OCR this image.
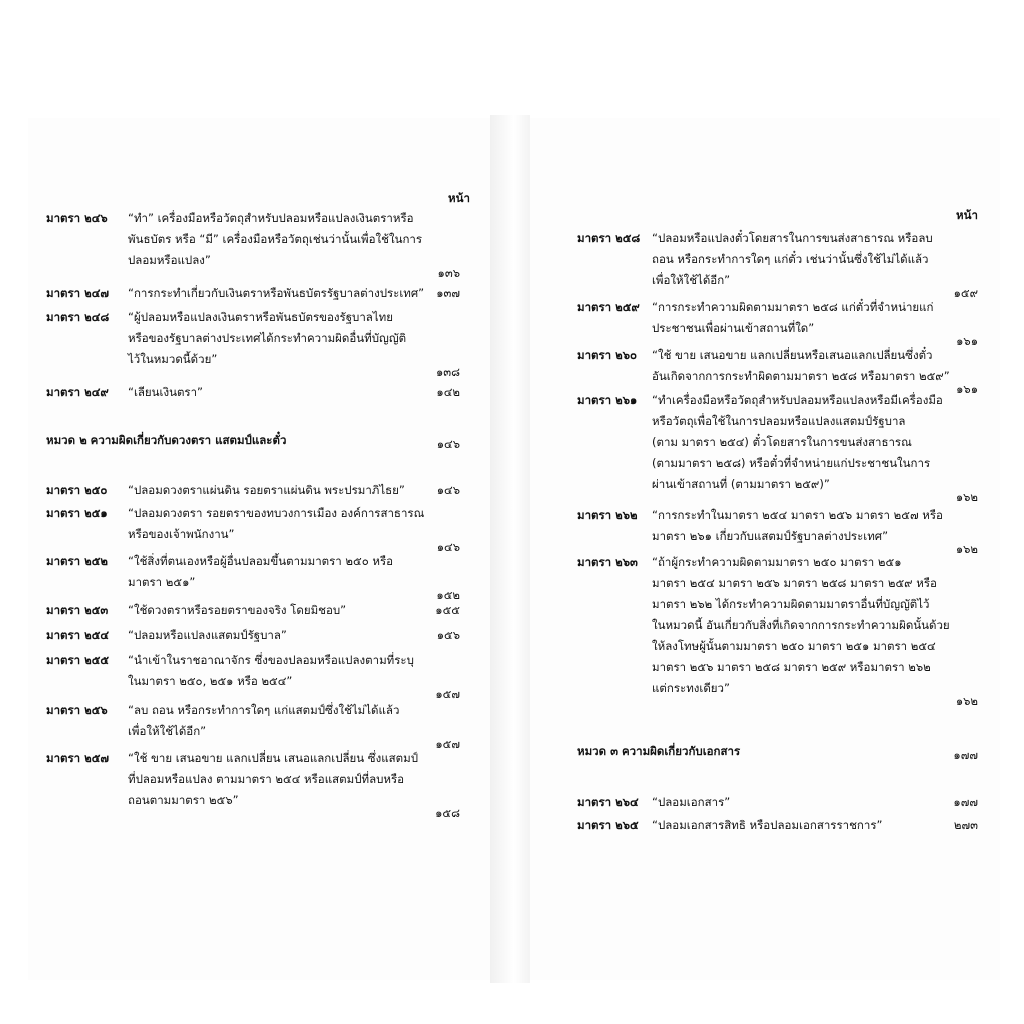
หน้า
มาตรา ๒๔๖ “ทำ” เครื่องมือหรือวัตถุสำหรับปลอมหรือแปลงเงินตราหรือ
พันธบัตร หรือ “มี” เครื่องมือหรือวัตถุเช่นว่านั้นเพื่อใช้ในการ
ปลอมหรือแปลง”
๑๓๖
มาตรา ๒๔๗ “การกระทำเกี่ยวกับเงินตราหรือพันธบัตรรัฐบาลต่างประเทศ” ๑๓๗
มาตรา ๒๔๘ “ผู้ปลอมหรือแปลงเงินตราหรือพันธบัตรของรัฐบาลไทย
หรือของรัฐบาลต่างประเทศได้กระทำความผิดอื่นที่บัญญัติ
ไว้ในหมวดนี้ด้วย”
๑๓๘
มาตรา ๒๔๙ “เลียนเงินตรา”	๑๔๒
หมวด ๒ ความผิดเกี่ยวกับดวงตรา แสตมป์และตั๋ว	๑๔๖
มาตรา ๒๕๐ “ปลอมดวงตราแผ่นดิน รอยตราแผ่นดิน พระปรมาภิไธย”	๑๔๖
มาตรา ๒๕๑ “ปลอมดวงตรา รอยตราของทบวงการเมือง องค์การสาธารณ
หรือของเจ้าพนักงาน”
๑๔๖
มาตรา ๒๕๒ “ใช้สิ่งที่ตนเองหรือผู้อื่นปลอมขึ้นตามมาตรา ๒๕๐ หรือ
มาตรา ๒๕๑”
๑๕๒
มาตรา ๒๕๓ “ใช้ดวงตราหรือรอยตราของจริง โดยมิชอบ”	๑๕๕
มาตรา ๒๕๔ “ปลอมหรือแปลงแสตมป์รัฐบาล”	๑๕๖
มาตรา ๒๕๕ “นำเข้าในราชอาณาจักร ซึ่งของปลอมหรือแปลงตามที่ระบุ
ในมาตรา ๒๕๐, ๒๕๑ หรือ ๒๕๔”
๑๕๗
มาตรา ๒๕๖ “ลบ ถอน หรือกระทำการใดๆ แก่แสตมป์ซึ่งใช้ไม่ได้แล้ว
เพื่อให้ใช้ได้อีก”
๑๕๗
มาตรา ๒๕๗ “ใช้ ขาย เสนอขาย แลกเปลี่ยน เสนอแลกเปลี่ยน ซึ่งแสตมป์
ที่ปลอมหรือแปลง ตามมาตรา ๒๕๔ หรือแสตมป์ที่ลบหรือ
ถอนตามมาตรา ๒๕๖”
๑๕๘
หน้า
มาตรา ๒๕๘ “ปลอมหรือแปลงตั๋วโดยสารในการขนส่งสาธารณ หรือลบ
ถอน หรือกระทำการใดๆ แก่ตั๋ว เช่นว่านั้นซึ่งใช้ไม่ได้แล้ว
เพื่อให้ใช้ได้อีก”
๑๕๙
มาตรา ๒๕๙ “การกระทำความผิดตามมาตรา ๒๕๘ แก่ตั๋วที่จำหน่ายแก่
ประชาชนเพื่อผ่านเข้าสถานที่ใด”
๑๖๑
มาตรา ๒๖๐ “ใช้ ขาย เสนอขาย แลกเปลี่ยนหรือเสนอแลกเปลี่ยนซึ่งตั๋ว
อันเกิดจากการกระทำผิดตามมาตรา ๒๕๘ หรือมาตรา ๒๕๙”
๑๖๑
มาตรา ๒๖๑ “ทำเครื่องมือหรือวัตถุสำหรับปลอมหรือแปลงหรือมีเครื่องมือ
หรือวัตถุเพื่อใช้ในการปลอมหรือแปลงแสตมป์รัฐบาล
(ตาม มาตรา ๒๕๔) ตั๋วโดยสารในการขนส่งสาธารณ
(ตามมาตรา ๒๕๘) หรือตั๋วที่จำหน่ายแก่ประชาชนในการ
ผ่านเข้าสถานที่ (ตามมาตรา ๒๕๙)”
๑๖๒
มาตรา ๒๖๒ “การกระทำในมาตรา ๒๕๔ มาตรา ๒๕๖ มาตรา ๒๕๗ หรือ
มาตรา ๒๖๑ เกี่ยวกับแสตมป์รัฐบาลต่างประเทศ”
๑๖๒
มาตรา ๒๖๓ “ถ้าผู้กระทำความผิดตามมาตรา ๒๕๐ มาตรา ๒๕๑
มาตรา ๒๕๔ มาตรา ๒๕๖ มาตรา ๒๕๘ มาตรา ๒๕๙ หรือ
มาตรา ๒๖๒ ได้กระทำความผิดตามมาตราอื่นที่บัญญัติไว้
ในหมวดนี้ อันเกี่ยวกับสิ่งที่เกิดจากการกระทำความผิดนั้นด้วย
ให้ลงโทษผู้นั้นตามมาตรา ๒๕๐ มาตรา ๒๕๑ มาตรา ๒๕๔
มาตรา ๒๕๖ มาตรา ๒๕๘ มาตรา ๒๕๙ หรือมาตรา ๒๖๒
แต่กระทงเดียว”
๑๖๒
หมวด ๓ ความผิดเกี่ยวกับเอกสาร	๑๗๗
มาตรา ๒๖๔ “ปลอมเอกสาร”	๑๗๗
มาตรา ๒๖๕ “ปลอมเอกสารสิทธิ หรือปลอมเอกสารราชการ”	๒๗๓
